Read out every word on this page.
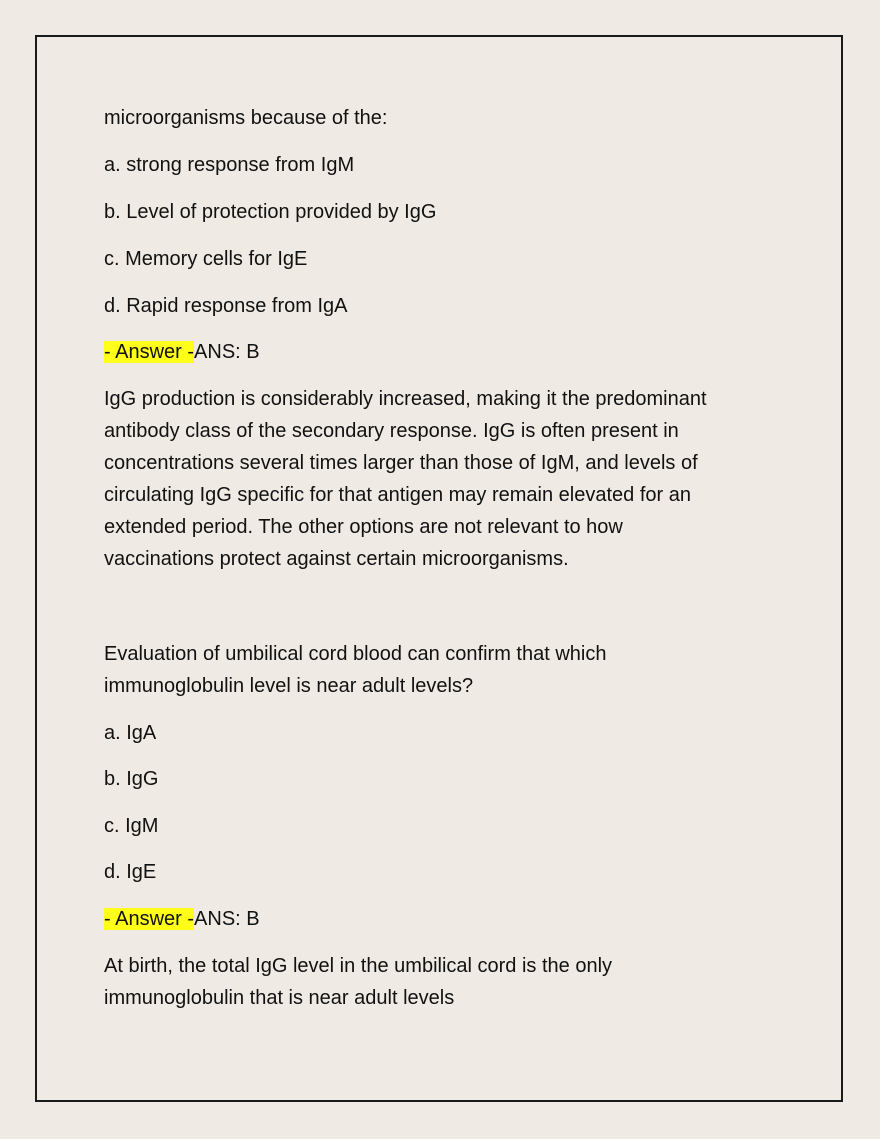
microorganisms because of the:
a. strong response from IgM
b. Level of protection provided by IgG
c. Memory cells for IgE
d. Rapid response from IgA
- Answer -ANS: B
IgG production is considerably increased, making it the predominant
antibody class of the secondary response. IgG is often present in
concentrations several times larger than those of IgM, and levels of
circulating IgG specific for that antigen may remain elevated for an
extended period. The other options are not relevant to how
vaccinations protect against certain microorganisms.
Evaluation of umbilical cord blood can confirm that which
immunoglobulin level is near adult levels?
a. IgA
b. IgG
c. IgM
d. IgE
- Answer -ANS: B
At birth, the total IgG level in the umbilical cord is the only
immunoglobulin that is near adult levels
